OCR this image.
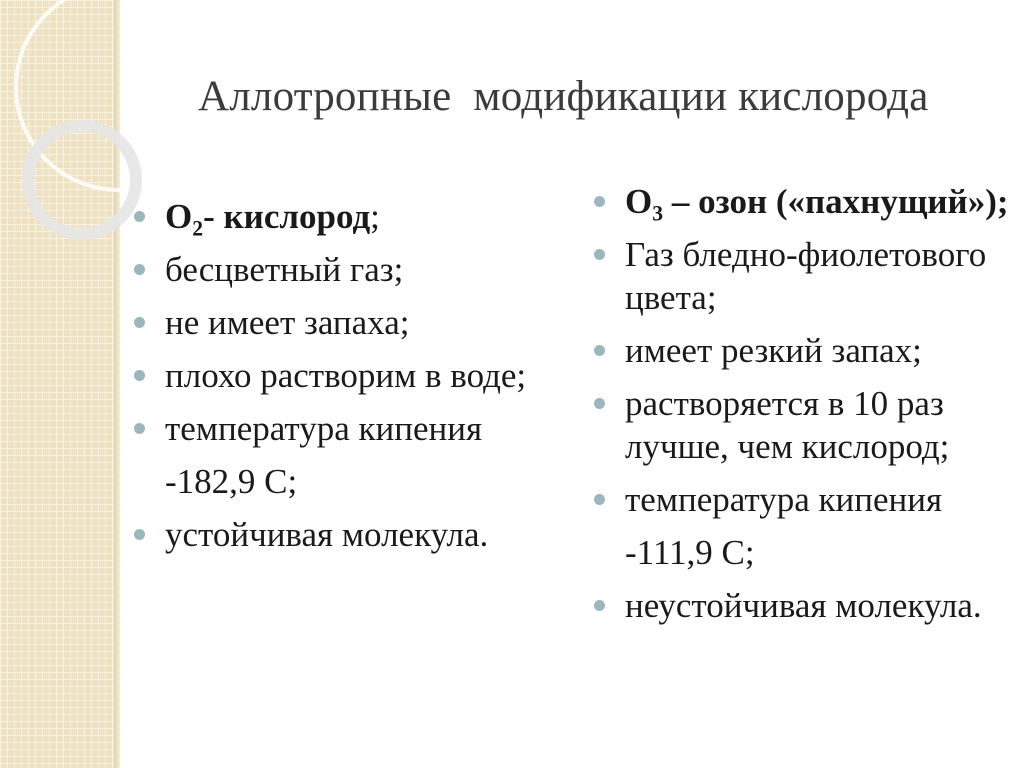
Аллотропные  модификации кислорода
$О_2-$ кислород;
бесцветный газ;
не имеет запаха;
плохо растворим в воде;
температура кипения
-182,9 С;
устойчивая молекула.
$О_3$ – озон («пахнущий»);
Газ бледно-фиолетового цвета;
имеет резкий запах;
растворяется в 10 раз лучше, чем кислород;
температура кипения
-111,9 С;
неустойчивая молекула.
